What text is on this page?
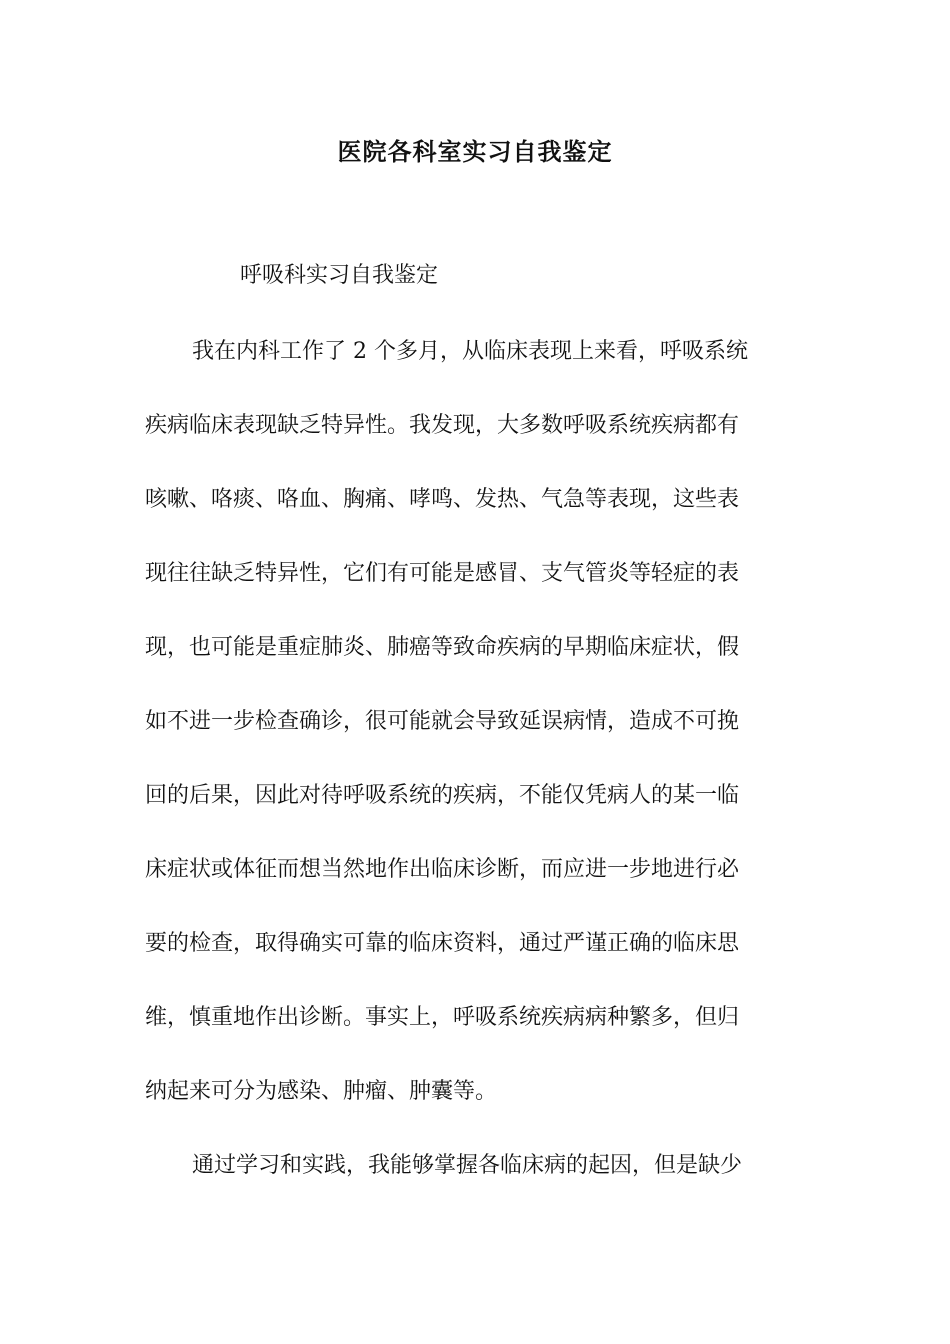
医院各科室实习自我鉴定
呼吸科实习自我鉴定
我在内科工作了 2 个多月，从临床表现上来看，呼吸系统
疾病临床表现缺乏特异性。我发现，大多数呼吸系统疾病都有
咳嗽、咯痰、咯血、胸痛、哮鸣、发热、气急等表现，这些表
现往往缺乏特异性，它们有可能是感冒、支气管炎等轻症的表
现，也可能是重症肺炎、肺癌等致命疾病的早期临床症状，假
如不进一步检查确诊，很可能就会导致延误病情，造成不可挽
回的后果，因此对待呼吸系统的疾病，不能仅凭病人的某一临
床症状或体征而想当然地作出临床诊断，而应进一步地进行必
要的检查，取得确实可靠的临床资料，通过严谨正确的临床思
维，慎重地作出诊断。事实上，呼吸系统疾病病种繁多，但归
纳起来可分为感染、肿瘤、肿囊等。
通过学习和实践，我能够掌握各临床病的起因，但是缺少
